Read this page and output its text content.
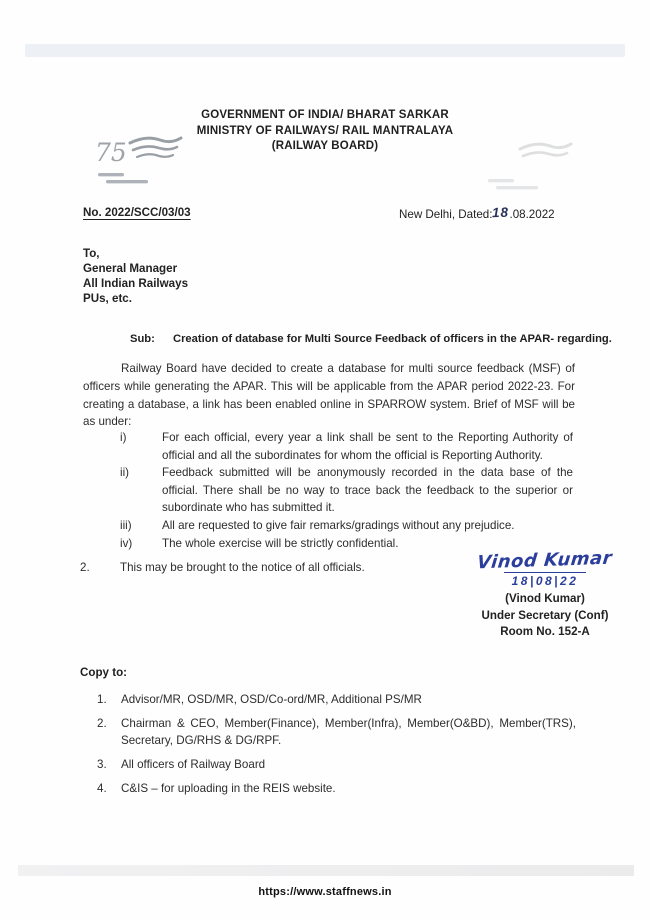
GOVERNMENT OF INDIA/ BHARAT SARKAR
MINISTRY OF RAILWAYS/ RAIL MANTRALAYA
(RAILWAY BOARD)
75
No. 2022/SCC/03/03	New Delhi, Dated:18.08.2022
To,
General Manager
All Indian Railways
PUs, etc.
Sub:	Creation of database for Multi Source Feedback of officers in the APAR- regarding.
Railway Board have decided to create a database for multi source feedback (MSF) of officers while generating the APAR. This will be applicable from the APAR period 2022-23. For creating a database, a link has been enabled online in SPARROW system. Brief of MSF will be as under:
i)	For each official, every year a link shall be sent to the Reporting Authority of official and all the subordinates for whom the official is Reporting Authority.
ii)	Feedback submitted will be anonymously recorded in the data base of the official. There shall be no way to trace back the feedback to the superior or subordinate who has submitted it.
iii)	All are requested to give fair remarks/gradings without any prejudice.
iv)	The whole exercise will be strictly confidential.
2.	This may be brought to the notice of all officials.	Vinod Kumar
18|08|22
(Vinod Kumar)
Under Secretary (Conf)
Room No. 152-A
Copy to:
1.	Advisor/MR, OSD/MR, OSD/Co-ord/MR, Additional PS/MR
2.	Chairman & CEO, Member(Finance), Member(Infra), Member(O&BD), Member(TRS), Secretary, DG/RHS & DG/RPF.
3.	All officers of Railway Board
4.	C&IS – for uploading in the REIS website.
https://www.staffnews.in
